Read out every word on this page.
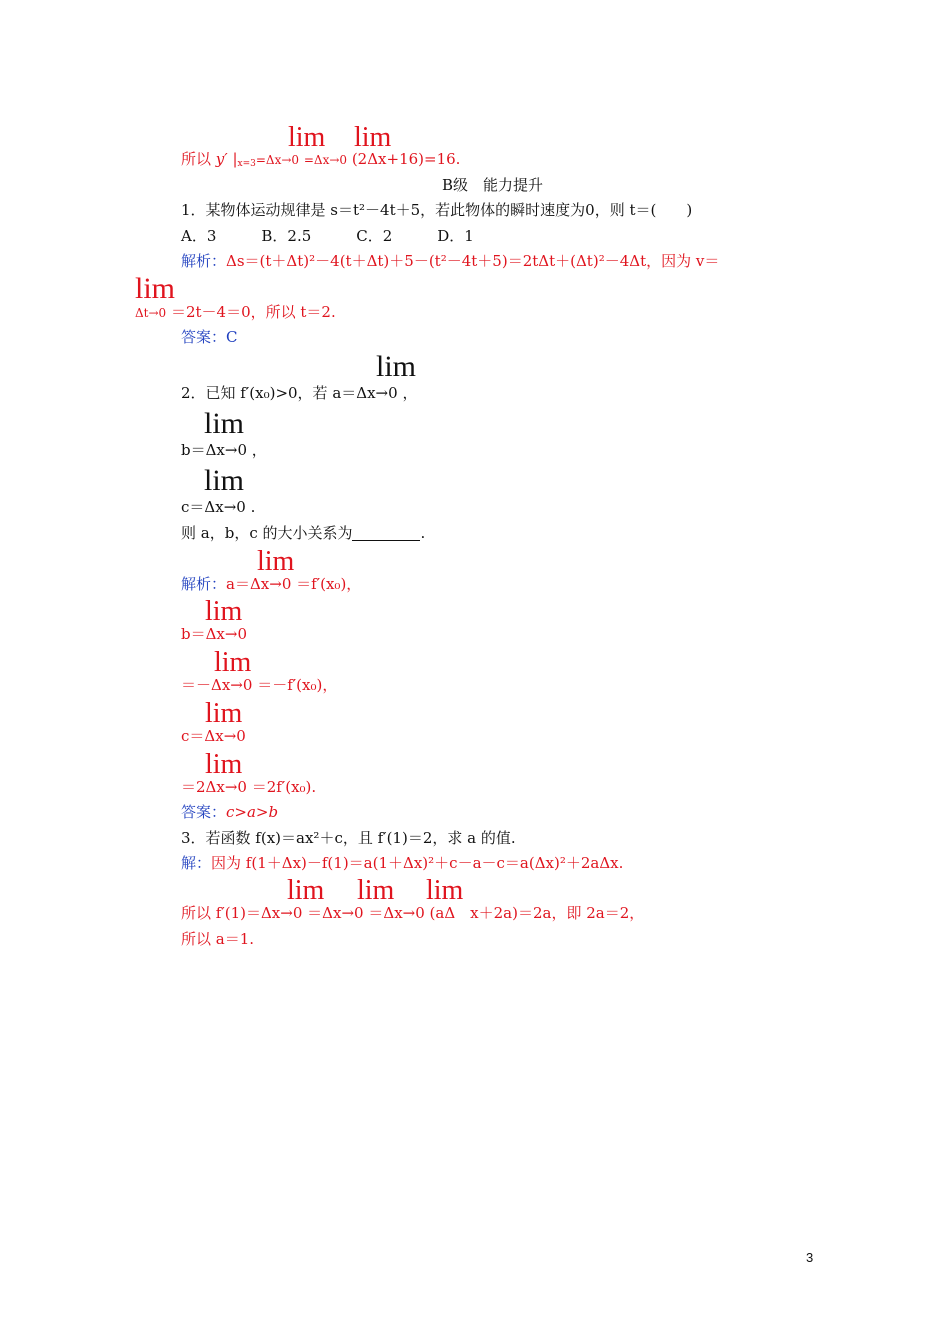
lim lim
所以 y′ $|_{x=3}=\Delta x\to 0 =\Delta x\to 0$ (2Δx+16)=16.
B级　能力提升
1．某物体运动规律是 s＝t²－4t＋5，若此物体的瞬时速度为0，则 t＝(　　)
A．3　　　B．2.5　　　C．2　　　D．1
解析：Δs＝(t＋Δt)²－4(t＋Δt)＋5－(t²－4t＋5)＝2tΔt＋(Δt)²－4Δt，因为 v＝
lim
Δt→0 ＝2t－4＝0，所以 t＝2.
答案：C
lim
2．已知 f′(x₀)>0，若 a＝Δx→0 ，
lim
b＝Δx→0 ，
lim
c＝Δx→0 .
则 a，b，c 的大小关系为	.
lim
解析：a＝Δx→0 ＝f′(x₀)，
lim
b＝Δx→0
lim
＝－Δx→0 ＝－f′(x₀)，
lim
c＝Δx→0
lim
＝2Δx→0 ＝2f′(x₀).
答案：c>a>b
3．若函数 f(x)＝ax²＋c，且 f′(1)＝2，求 a 的值.
解：因为 f(1＋Δx)－f(1)＝a(1＋Δx)²＋c－a－c＝a(Δx)²＋2aΔx.
lim lim lim
所以 f′(1)＝Δx→0 ＝Δx→0 ＝Δx→0 (aΔ　x＋2a)＝2a，即 2a＝2，
所以 a＝1.
3
